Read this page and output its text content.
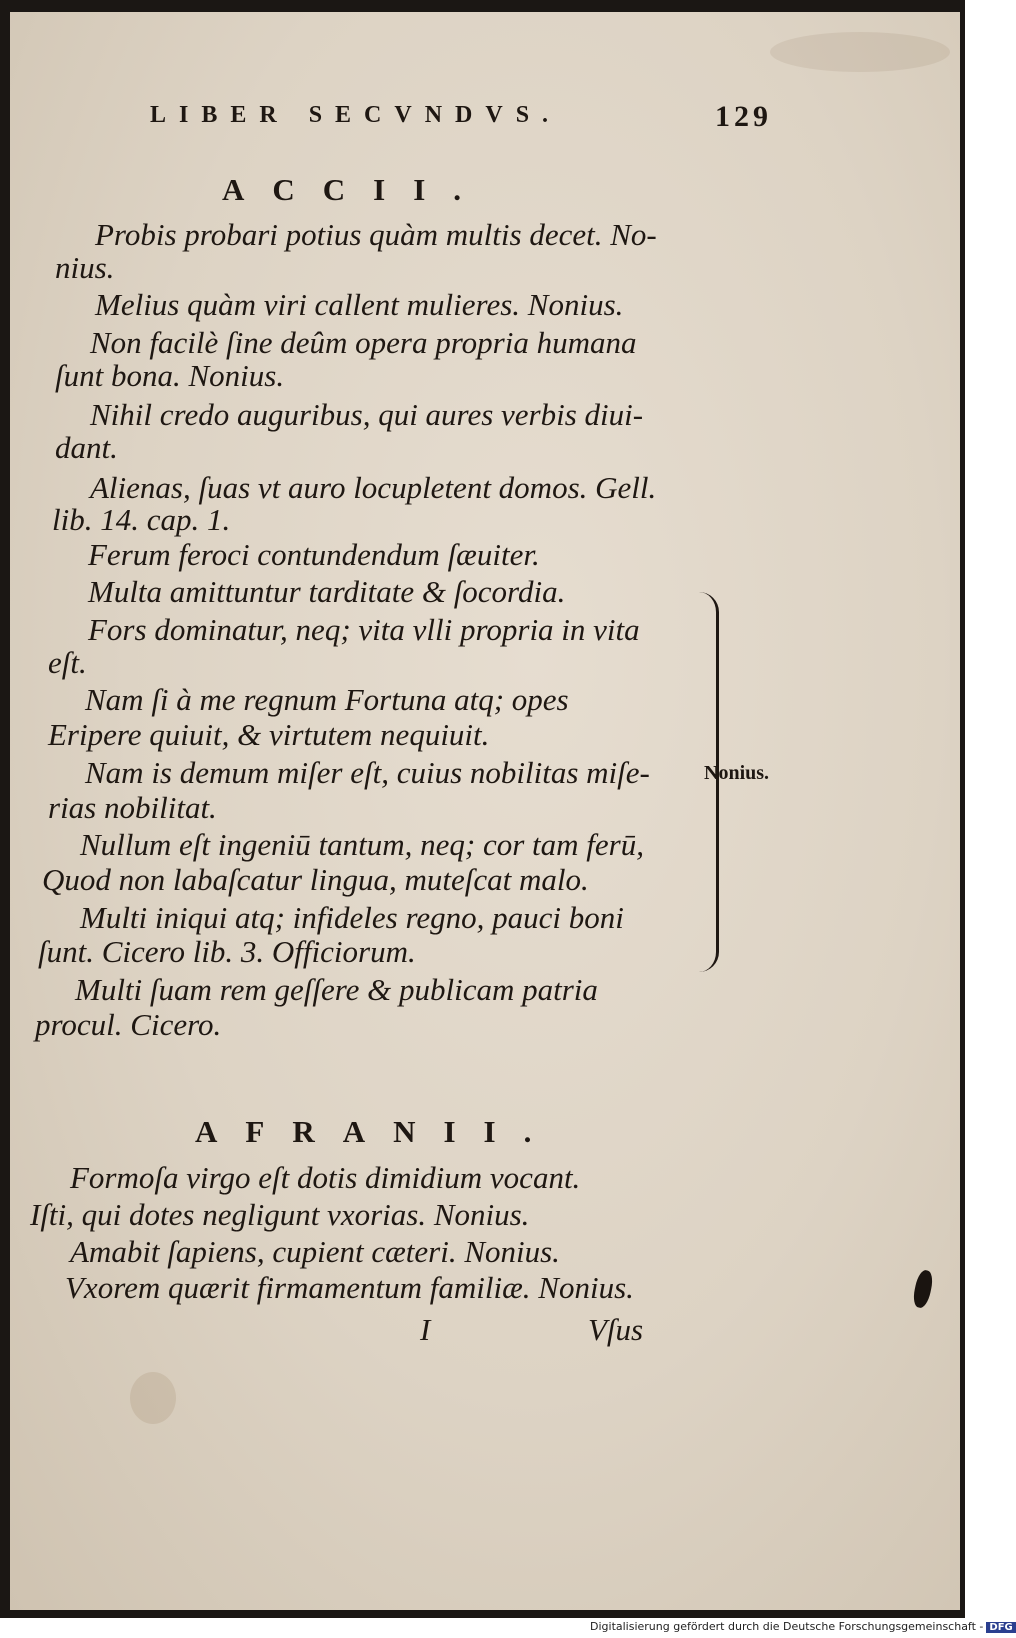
LIBER SECVNDVS.	129
ACCII.
Probis probari potius quàm multis decet. No-
nius.
Melius quàm viri callent mulieres. Nonius.
Non facilè ſine deûm opera propria humana
ſunt bona. Nonius.
Nihil credo auguribus, qui aures verbis diui-
dant.
Alienas, ſuas vt auro locupletent domos. Gell.
lib. 14. cap. 1.
Ferum feroci contundendum ſæuiter.
Multa amittuntur tarditate & ſocordia.
Fors dominatur, neq; vita vlli propria in vita
eſt.
Nam ſi à me regnum Fortuna atq; opes
Eripere quiuit, & virtutem nequiuit.
Nam is demum miſer eſt, cuius nobilitas miſe-
rias nobilitat.
Nullum eſt ingeniū tantum, neq; cor tam ferū,
Quod non labaſcatur lingua, muteſcat malo.
Multi iniqui atq; infideles regno, pauci boni
ſunt. Cicero lib. 3. Officiorum.
Multi ſuam rem geſſere & publicam patria
procul. Cicero.
Nonius.
AFRANII.
Formoſa virgo eſt dotis dimidium vocant.
Iſti, qui dotes negligunt vxorias. Nonius.
Amabit ſapiens, cupient cæteri. Nonius.
Vxorem quærit firmamentum familiæ. Nonius.
I	Vſus
Digitalisierung gefördert durch die Deutsche Forschungsgemeinschaft - DFG
